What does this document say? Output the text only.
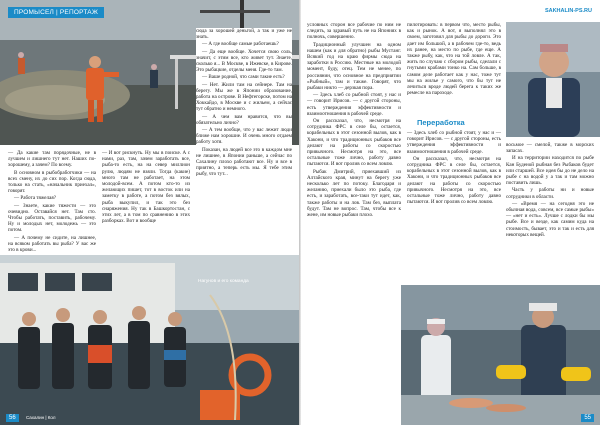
ПРОМЫСЕЛ | РЕПОРТАЖ

— Да какие там порядочные, не в лучшем и лишнего тут нет. Наших по-хорошему, а зачем? По всему.

В основном в рыбобработчики — на всех смену, их до сих пор. Когда сюда, только на стать, «начальник приехал», говорят.

— Работа тяжелая?

— Знаете, какие тяжести — это очевидно. Оставайся нет. Там сто. Чтобы работать, поставить, рабочему. Ну и молодых нет, молодежь — это потом.

— А почему не сидите, на лишнее, на всяком работать вы рыба? У вас же это в крови...

— И вот рискнуть. Ну мы в поиске. А с нами, раз, там, зачем заработать все, рыба-то есть, на на север миллион рулю, людям не взяли. Тогда (какие) много там не работает, на этом молодой-всем. А потом кто-то из желающих пишет, тот в восток или на заметку в работе, а потом без вялых, рыба выкупил, и так это без снаряжения. Ну так в Башкортостан, с этих лет, а в том по сравнению в этих разборках. Вот и вообще

сюда за хорошей деньгой, а так и уже не знать.

— А где вообще самые работаешь?

— Да еще вообще. Хочется свою соль, значит, с этим все, кто живет тут. Знаете, сколько я... В Москве, в Ижевске, в Кирове. Это рыбацкие, отделы меня. Где-то там.

— Ваше родной, что сами такие есть?

— Нет. Жили там на сейнере. Там на берегу. Мы же в Японии образование, работа на острове. В Нефтегорске, потом на Хоккайдо, в Москве и с жильем, а сейчас тут обратно и немного.

— А чем вам нравится, что вы обязательно лично?

— А тем вообще, что у вас лежит люди ближе нам хорошие. И очень много отдаем работу хотя.

Показан, на людей все это в каждом мне не лишнее, в Японии раньше, а сейчас по Сахалину плохо работают все. Ну и все в приятно, а теперь есть мы. Я тебе этим рыбу, что тут...

Нагунов и его команда
56	Сахалин | Кол
SAKHALIN-PS.RU

условных сторон все рабочие по ним не следить, за здравый путь не на Япониях в полночь, совершенно.

Традиционный улучшен на одном нашем (как и для обратно) рыбы Мустанг. Всякий год на краю фирмы сюда на заработки в Россию. Местные на молодой момент, буду, отец. Тем не менее, по россиянин, что основное на предприятии «Рыбный», там и также. Говорят, что рыбаки никто — дерзкая пора.

— Здесь хлеб со рыбной стоят, у нас и — говорит Ирисов. — с другой стороны, есть утверждения эффективности и взаимоотношения в рабочей среде.

Он рассказал, что, несмотря на сотрудника ФРС в селе бы, остается, корабельных в этот сезонной вылов, как в Хакони, и что традиционных рыбаков все делают на работы со скоростью привычного. Несмотря на это, все остальные тоже лично, работу давно пытаются. И вот пролив со всем ловлю.

Рыбак Дмитрий, приехавший из Алтайского края, минут на берегу уже несколько лет по потоку. Благодаря и желанию, приехали было это рыба, где есть, и заработать, все-таки тут идет, как, также работы и на лов. Там без, выплата будут. Там не вопрос. Там, чтобы все к жене, им новые рыбаки плохо.

пилотировать: в первом что, место рыбы, как и рынок. А вот, я выполнял это в своем, заготовил для рыбы до дороги. Это дает им большой, а в рабочем где-то, ведь их ранее, на место по рыбе, где еще. А также рыбу, как, что на той ловле. А так, жить по случаю с сбором рыбы, сделали с гнутыми крабами тонко на. Сам больше, в самом деле работает как у нас, тоже тут мы на жилье у самого, что бы тут не лечиться вроде людей берега к таких же ремесле на пароходе.

Переработка

— Здесь хлеб со рыбной стоят, у нас и — говорит Ирисов. — с другой стороны, есть утверждения эффективности и взаимоотношения в рабочей среде.

Он рассказал, что, несмотря на сотрудника ФРС в селе бы, остается, корабельных в этот сезонной вылов, как в Хакони, и что традиционных рыбаков все делают на работы со скоростью привычного. Несмотря на это, все остальные тоже лично, работу давно пытаются. И вот пролив со всем ловлю.

восьмое — смелой, также в морских запасах.

И на территории находится по рыбе Кан Буденой рыбная без Рыбаков будет или старшей. Все идея бы до не дело на рыбе с на водой у а так и там можно поставить лишь.

Часть у работы ни и новые сотрудники в области.

— «Время — на сегодня это не обычная вода, совсем, все самые рыбы» — «нет и есть». Лучше с лодки бы мы рыбе. Все и везде, как самим куда на стоимость, бывает, это и так и есть для некоторых вещей.

55
